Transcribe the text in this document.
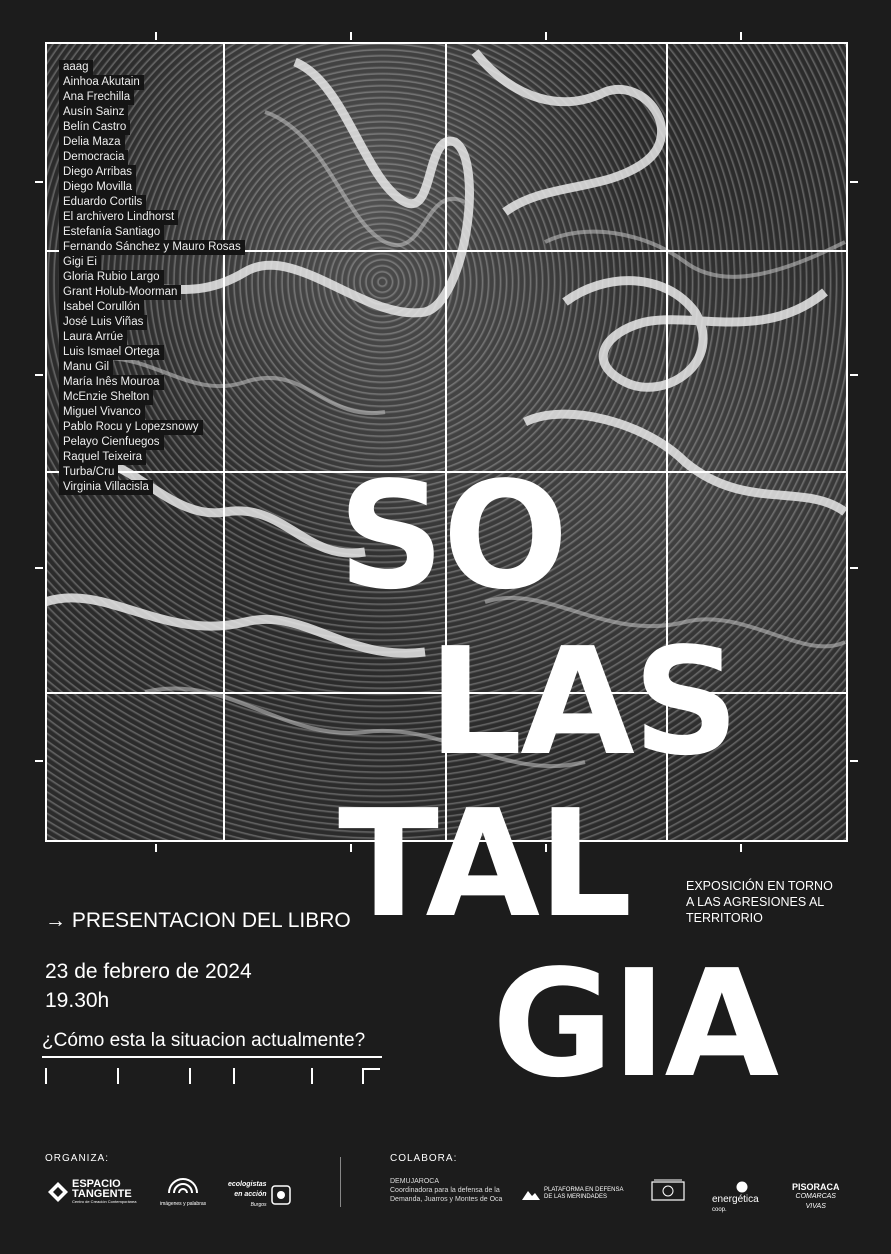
aaag
Ainhoa Akutain
Ana Frechilla
Ausín Sainz
Belín Castro
Delia Maza
Democracia
Diego Arribas
Diego Movilla
Eduardo Cortils
El archivero Lindhorst
Estefanía Santiago
Fernando Sánchez y Mauro Rosas
Gigi Ei
Gloria Rubio Largo
Grant Holub-Moorman
Isabel Corullón
José Luis Viñas
Laura Arrúe
Luis Ismael Ortega
Manu Gil
María Inês Mouroa
McEnzie Shelton
Miguel Vivanco
Pablo Rocu y Lopezsnowy
Pelayo Cienfuegos
Raquel Teixeira
Turba/Cru
Virginia Villacisla SO
LAS
TAL
GIA
EXPOSICIÓN EN TORNO
A LAS AGRESIONES AL
TERRITORIO
→ PRESENTACION DEL LIBRO
23 de febrero de 2024
19.30h
¿Cómo esta la situacion actualmente?
ORGANIZA:	COLABORA:
ESPACIO
TANGENTE
Centro de Creación Contemporánea	imágenes y palabras
ecologistas
en acción
Burgos
DEMUJAROCA
Coordinadora para la defensa de la
Demanda, Juarros y Montes de Oca
PLATAFORMA EN DEFENSA
DE LAS MERINDADES	energética
coop.
PISORACA
COMARCAS
VIVAS
